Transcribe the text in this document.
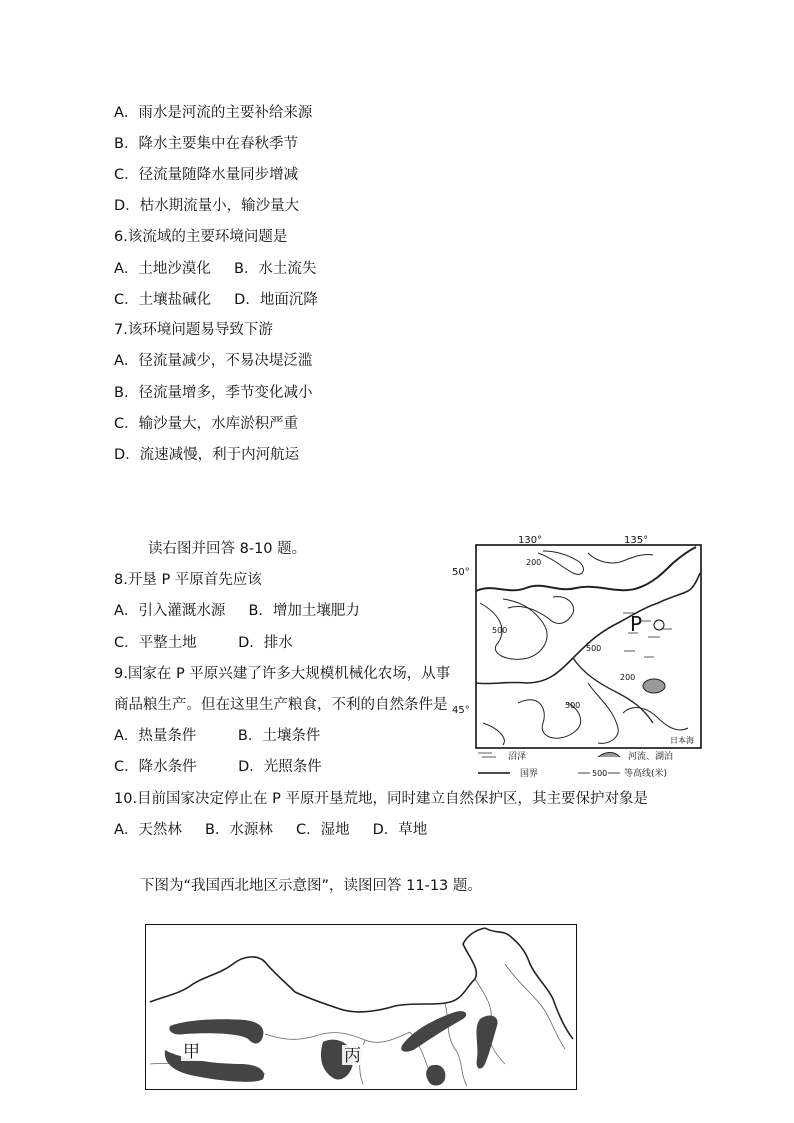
A．雨水是河流的主要补给来源
B．降水主要集中在春秋季节
C．径流量随降水量同步增减
D．枯水期流量小，输沙量大
6.该流域的主要环境问题是
A．土地沙漠化     B．水土流失
C．土壤盐碱化     D．地面沉降
7.该环境问题易导致下游
A．径流量减少，不易决堤泛滥
B．径流量增多，季节变化减小
C．输沙量大，水库淤积严重
D．流速减慢，利于内河航运
读右图并回答 8-10 题。
8.开垦 P 平原首先应该
A．引入灌溉水源     B．增加土壤肥力
C．平整土地         D．排水
9.国家在 P 平原兴建了许多大规模机械化农场，从事
商品粮生产。但在这里生产粮食，不利的自然条件是
A．热量条件         B．土壤条件
C．降水条件         D．光照条件
10.目前国家决定停止在 P 平原开垦荒地，同时建立自然保护区，其主要保护对象是
A．天然林     B．水源林     C．湿地     D．草地
下图为“我国西北地区示意图”，读图回答 11-13 题。
130°	135°
50°
45°
P
200
200
500
500
500
日本海
沼泽	河流、湖泊
国界	500 等高线(米)
甲	丙
